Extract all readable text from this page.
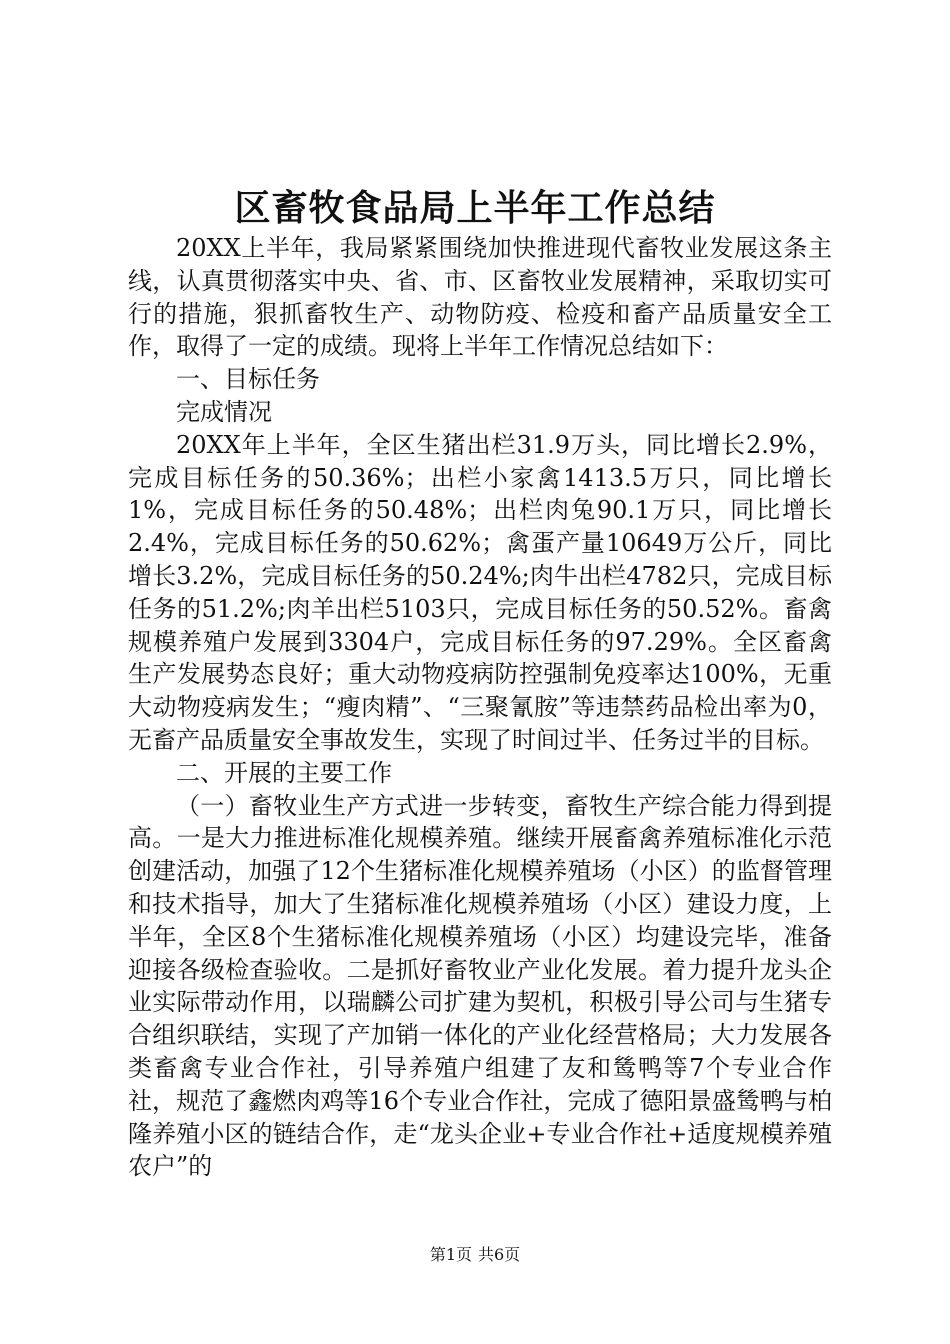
区畜牧食品局上半年工作总结

20XX上半年，我局紧紧围绕加快推进现代畜牧业发展这条主线，认真贯彻落实中央、省、市、区畜牧业发展精神，采取切实可行的措施，狠抓畜牧生产、动物防疫、检疫和畜产品质量安全工作，取得了一定的成绩。现将上半年工作情况总结如下：

一、目标任务

完成情况

20XX年上半年，全区生猪出栏31.9万头，同比增长2.9%，完成目标任务的50.36%；出栏小家禽1413.5万只，同比增长1%，完成目标任务的50.48%；出栏肉兔90.1万只，同比增长2.4%，完成目标任务的50.62%；禽蛋产量10649万公斤，同比增长3.2%，完成目标任务的50.24%;肉牛出栏4782只，完成目标任务的51.2%;肉羊出栏5103只，完成目标任务的50.52%。畜禽规模养殖户发展到3304户，完成目标任务的97.29%。全区畜禽生产发展势态良好；重大动物疫病防控强制免疫率达100%，无重大动物疫病发生；“瘦肉精”、“三聚氰胺”等违禁药品检出率为0，无畜产品质量安全事故发生，实现了时间过半、任务过半的目标。

二、开展的主要工作

（一）畜牧业生产方式进一步转变，畜牧生产综合能力得到提高。一是大力推进标准化规模养殖。继续开展畜禽养殖标准化示范创建活动，加强了12个生猪标准化规模养殖场（小区）的监督管理和技术指导，加大了生猪标准化规模养殖场（小区）建设力度，上半年，全区8个生猪标准化规模养殖场（小区）均建设完毕，准备迎接各级检查验收。二是抓好畜牧业产业化发展。着力提升龙头企业实际带动作用，以瑞麟公司扩建为契机，积极引导公司与生猪专合组织联结，实现了产加销一体化的产业化经营格局；大力发展各类畜禽专业合作社，引导养殖户组建了友和鸶鸭等7个专业合作社，规范了鑫燃肉鸡等16个专业合作社，完成了德阳景盛鸶鸭与柏隆养殖小区的链结合作，走“龙头企业+专业合作社+适度规模养殖农户”的

第1页 共6页
